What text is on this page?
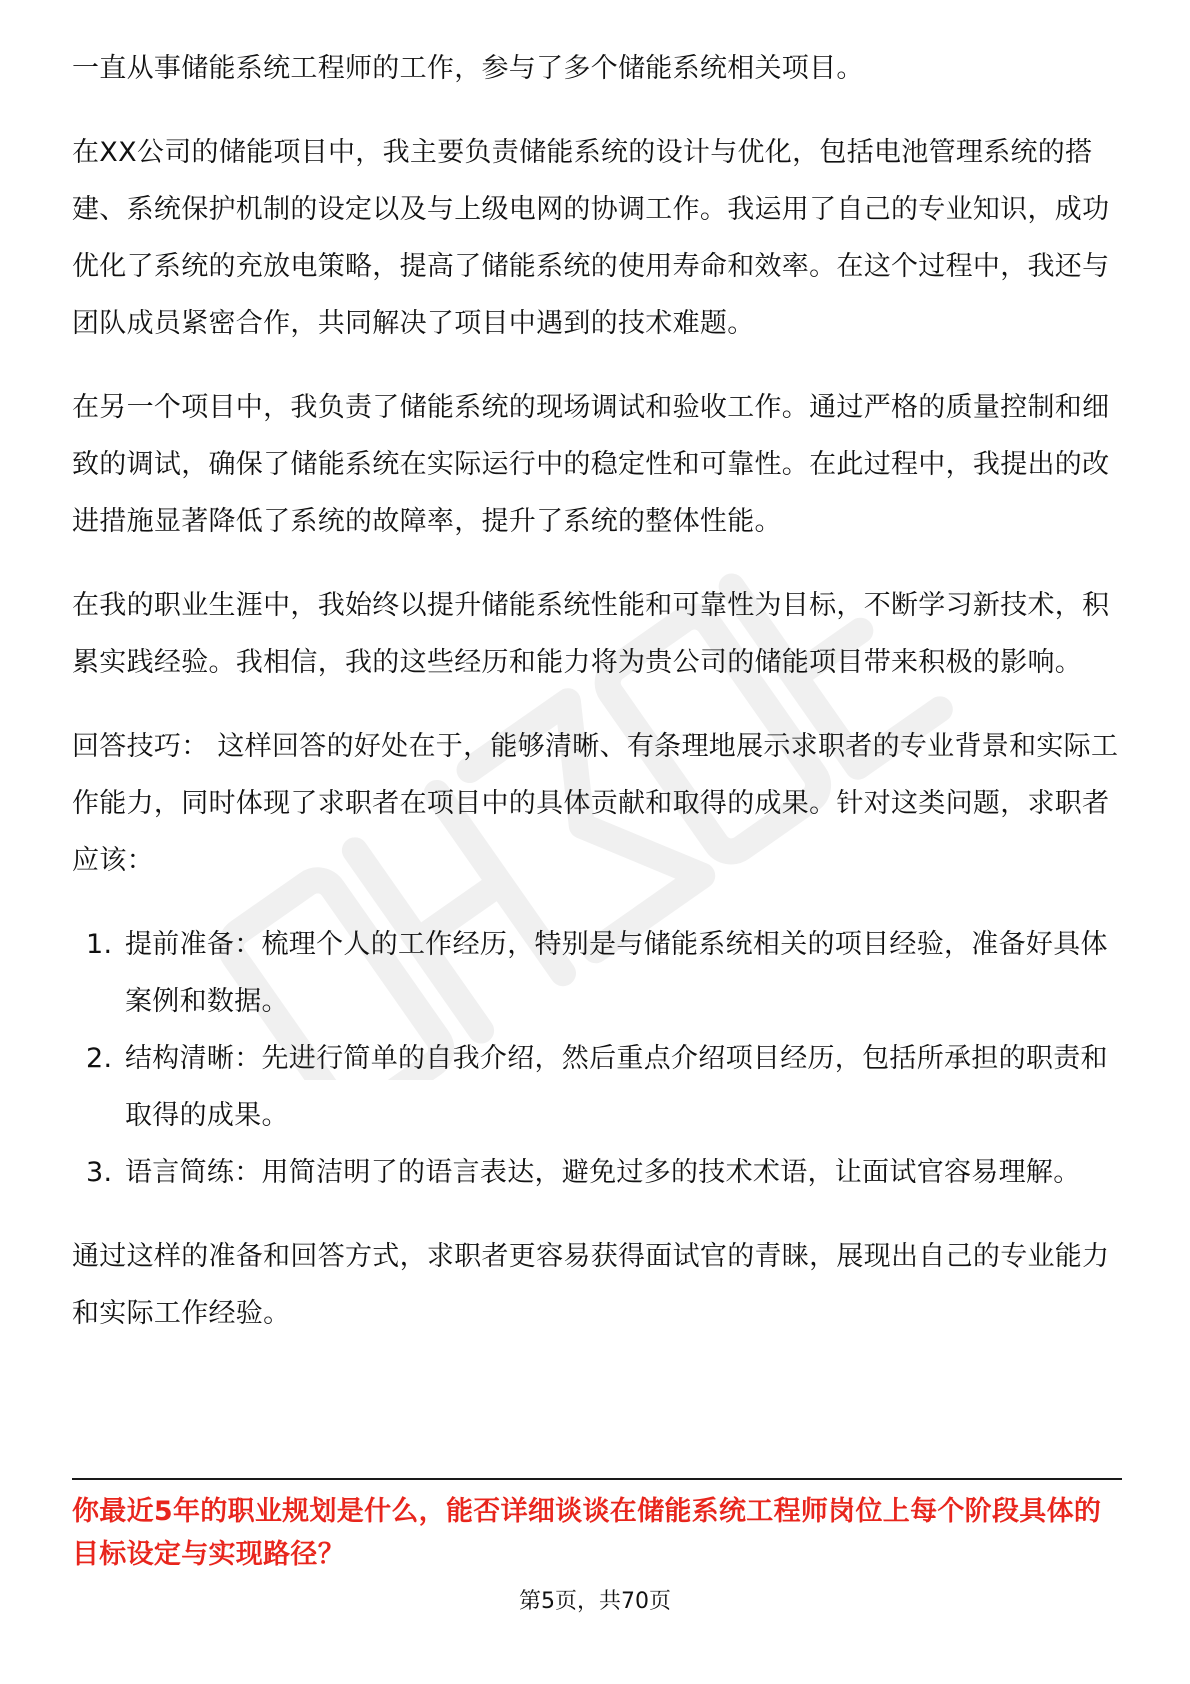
一直从事储能系统工程师的工作，参与了多个储能系统相关项目。

在XX公司的储能项目中，我主要负责储能系统的设计与优化，包括电池管理系统的搭建、系统保护机制的设定以及与上级电网的协调工作。我运用了自己的专业知识，成功优化了系统的充放电策略，提高了储能系统的使用寿命和效率。在这个过程中，我还与团队成员紧密合作，共同解决了项目中遇到的技术难题。

在另一个项目中，我负责了储能系统的现场调试和验收工作。通过严格的质量控制和细致的调试，确保了储能系统在实际运行中的稳定性和可靠性。在此过程中，我提出的改进措施显著降低了系统的故障率，提升了系统的整体性能。

在我的职业生涯中，我始终以提升储能系统性能和可靠性为目标，不断学习新技术，积累实践经验。我相信，我的这些经历和能力将为贵公司的储能项目带来积极的影响。

回答技巧： 这样回答的好处在于，能够清晰、有条理地展示求职者的专业背景和实际工作能力，同时体现了求职者在项目中的具体贡献和取得的成果。针对这类问题，求职者应该：

1. 提前准备：梳理个人的工作经历，特别是与储能系统相关的项目经验，准备好具体案例和数据。
2. 结构清晰：先进行简单的自我介绍，然后重点介绍项目经历，包括所承担的职责和取得的成果。
3. 语言简练：用简洁明了的语言表达，避免过多的技术术语，让面试官容易理解。

通过这样的准备和回答方式，求职者更容易获得面试官的青睐，展现出自己的专业能力和实际工作经验。

你最近5年的职业规划是什么，能否详细谈谈在储能系统工程师岗位上每个阶段具体的目标设定与实现路径？

第5页，共70页
